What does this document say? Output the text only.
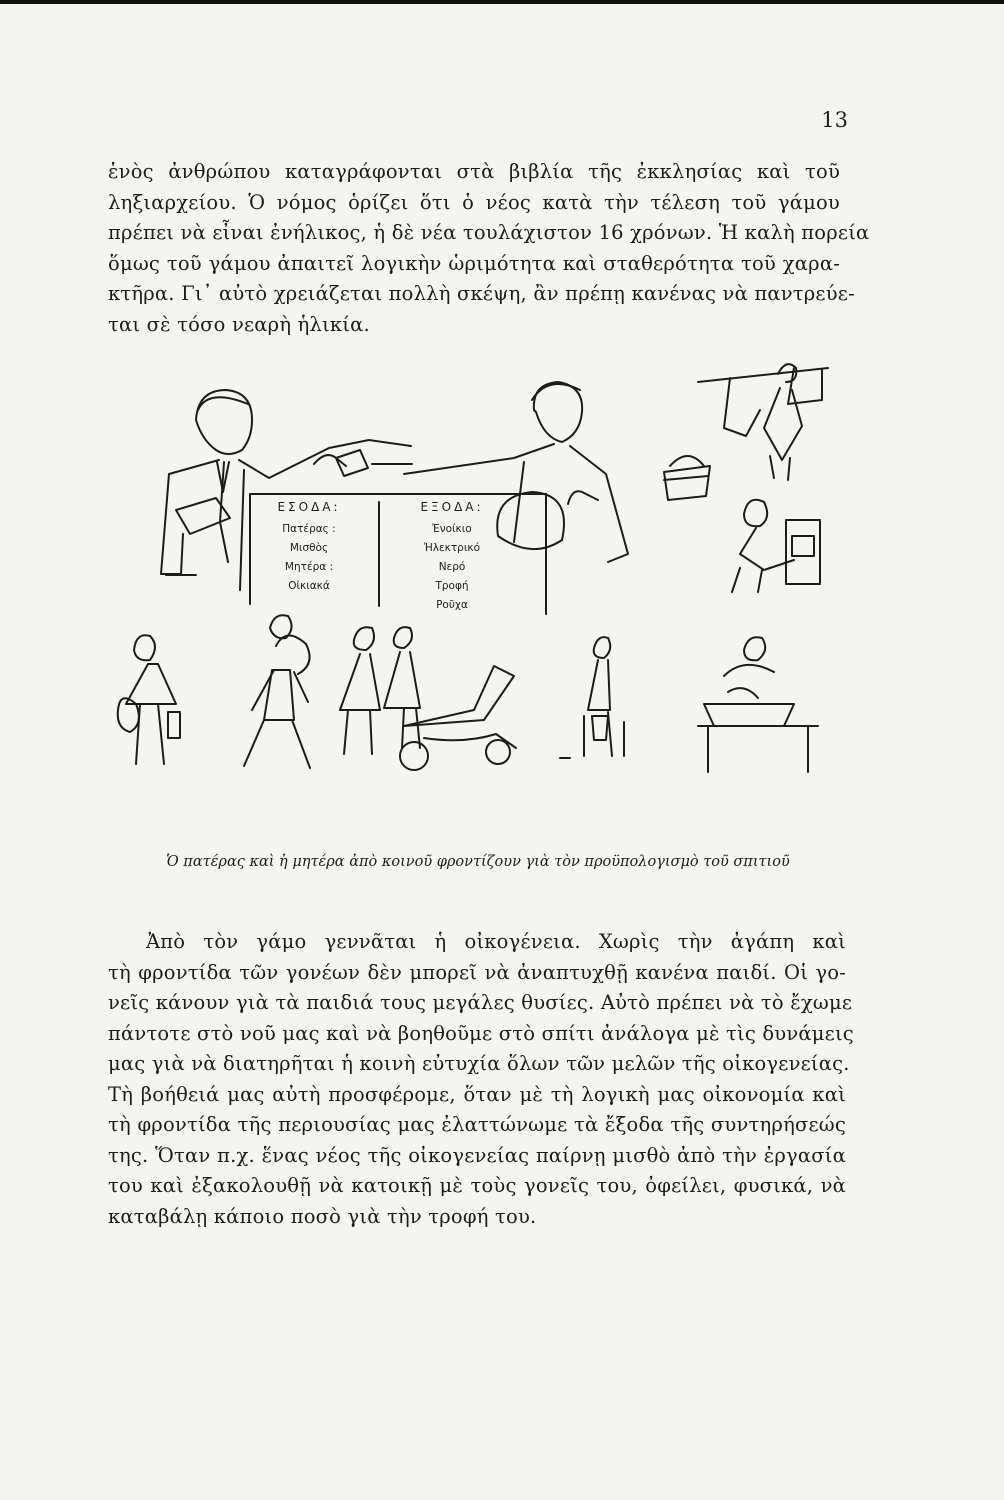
13
ἑνὸς ἀνθρώπου καταγράφονται στὰ βιβλία τῆς ἐκκλησίας καὶ τοῦ
ληξιαρχείου. Ὁ νόμος ὁρίζει ὅτι ὁ νέος κατὰ τὴν τέλεση τοῦ γάμου
πρέπει νὰ εἶναι ἐνήλικος, ἡ δὲ νέα τουλάχιστον 16 χρόνων. Ἡ καλὴ πορεία
ὅμως τοῦ γάμου ἀπαιτεῖ λογικὴν ὡριμότητα καὶ σταθερότητα τοῦ χαρα-
κτῆρα. Γι᾽ αὐτὸ χρειάζεται πολλὴ σκέψη, ἂν πρέπῃ κανένας νὰ παντρεύε-
ται σὲ τόσο νεαρὴ ἡλικία.
ΕΣΟΔΑ:
Πατέρας :
Μισθὸς
Μητέρα :
Οἰκιακά
ΕΞΟΔΑ:
Ἐνοίκιο
Ἠλεκτρικό
Νερό
Τροφή
Ροῦχα
Ὁ πατέρας καὶ ἡ μητέρα ἀπὸ κοινοῦ φροντίζουν γιὰ τὸν προϋπολογισμὸ τοῦ σπιτιοῦ
Ἀπὸ τὸν γάμο γεννᾶται ἡ οἰκογένεια. Χωρὶς τὴν ἀγάπη καὶ
τὴ φροντίδα τῶν γονέων δὲν μπορεῖ νὰ ἀναπτυχθῇ κανένα παιδί. Οἱ γο-
νεῖς κάνουν γιὰ τὰ παιδιά τους μεγάλες θυσίες. Αὐτὸ πρέπει νὰ τὸ ἔχωμε
πάντοτε στὸ νοῦ μας καὶ νὰ βοηθοῦμε στὸ σπίτι ἀνάλογα μὲ τὶς δυνάμεις
μας γιὰ νὰ διατηρῆται ἡ κοινὴ εὐτυχία ὅλων τῶν μελῶν τῆς οἰκογενείας.
Τὴ βοήθειά μας αὐτὴ προσφέρομε, ὅταν μὲ τὴ λογικὴ μας οἰκονομία καὶ
τὴ φροντίδα τῆς περιουσίας μας ἐλαττώνωμε τὰ ἔξοδα τῆς συντηρήσεώς
της. Ὅταν π.χ. ἕνας νέος τῆς οἰκογενείας παίρνῃ μισθὸ ἀπὸ τὴν ἐργασία
του καὶ ἐξακολουθῇ νὰ κατοικῇ μὲ τοὺς γονεῖς του, ὀφείλει, φυσικά, νὰ
καταβάλῃ κάποιο ποσὸ γιὰ τὴν τροφή του.
